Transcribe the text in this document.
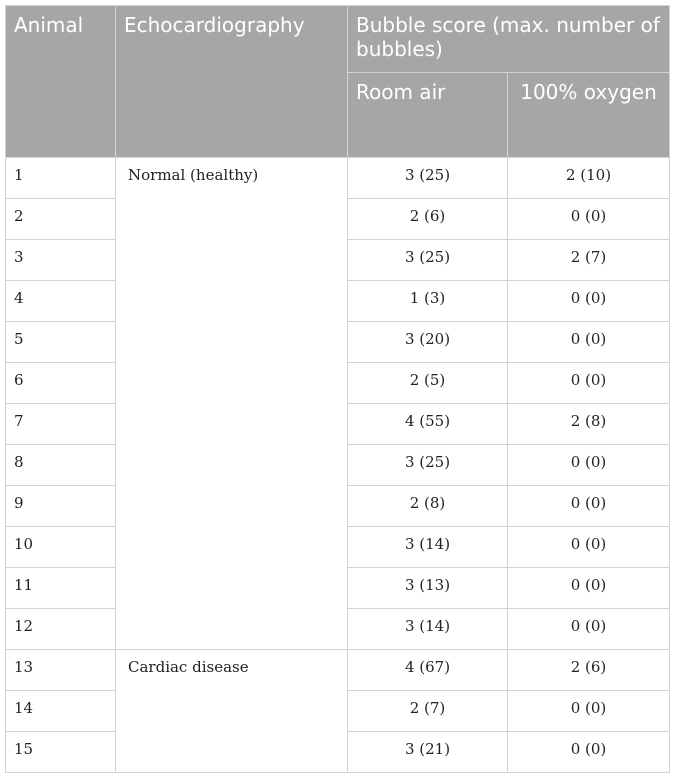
Animal	Echocardiography	Bubble score (max. number of bubbles)	
		Room air	100% oxygen
1	Normal (healthy)	3 (25)	2 (10)
2		2 (6)	0 (0)
3		3 (25)	2 (7)
4		1 (3)	0 (0)
5		3 (20)	0 (0)
6		2 (5)	0 (0)
7		4 (55)	2 (8)
8		3 (25)	0 (0)
9		2 (8)	0 (0)
10		3 (14)	0 (0)
11		3 (13)	0 (0)
12		3 (14)	0 (0)
13	Cardiac disease	4 (67)	2 (6)
14		2 (7)	0 (0)
15		3 (21)	0 (0)
